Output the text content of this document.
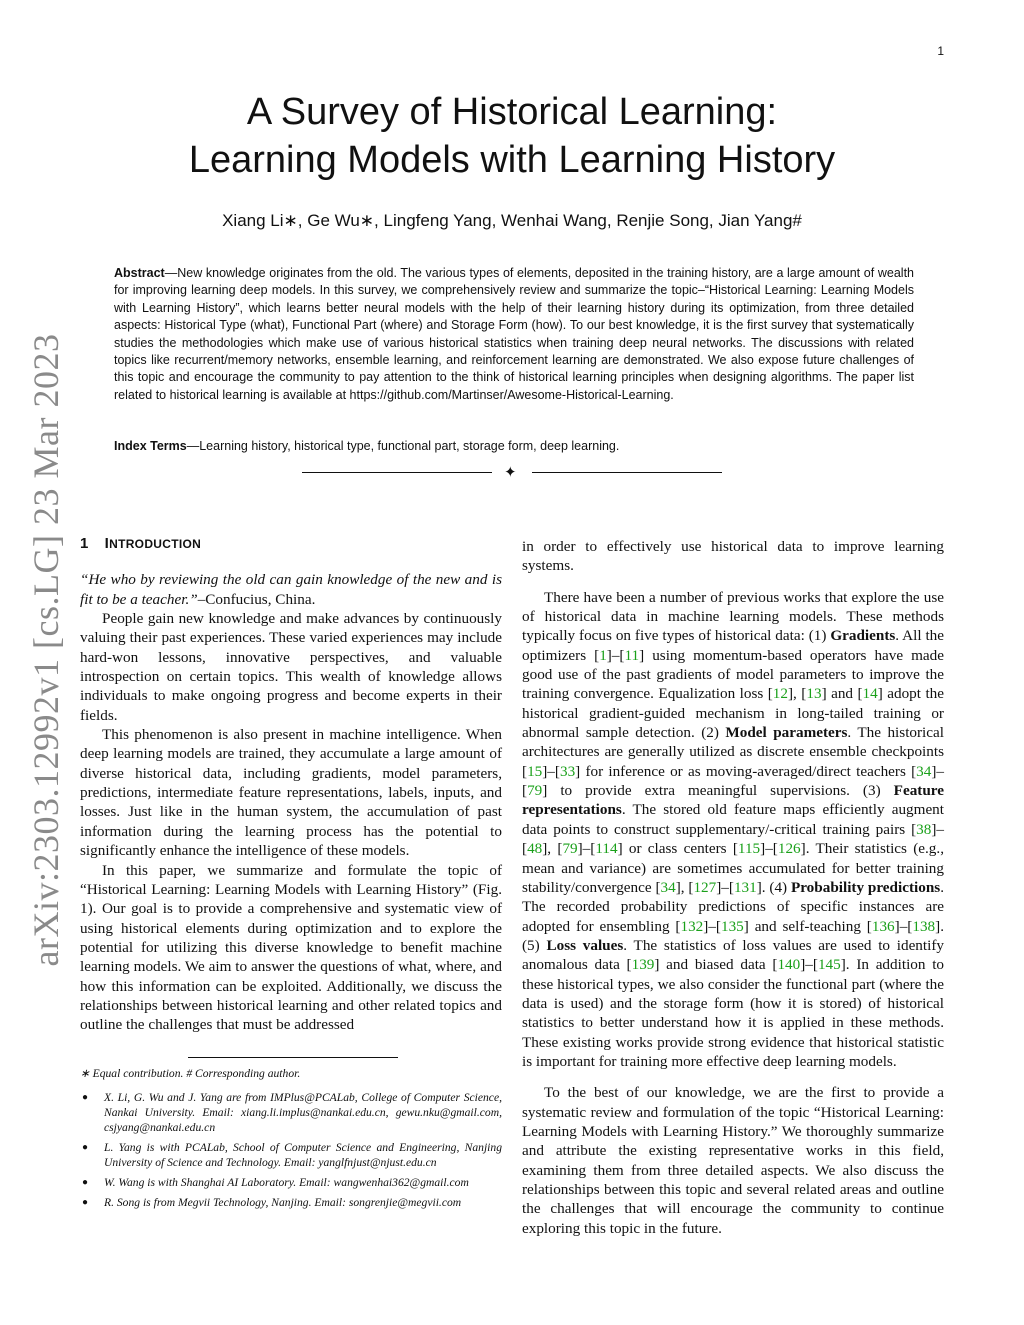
1
arXiv:2303.12992v1 [cs.LG] 23 Mar 2023
A Survey of Historical Learning:
Learning Models with Learning History
Xiang Li∗, Ge Wu∗, Lingfeng Yang, Wenhai Wang, Renjie Song, Jian Yang#
Abstract—New knowledge originates from the old. The various types of elements, deposited in the training history, are a large amount of wealth for improving learning deep models. In this survey, we comprehensively review and summarize the topic–“Historical Learning: Learning Models with Learning History”, which learns better neural models with the help of their learning history during its optimization, from three detailed aspects: Historical Type (what), Functional Part (where) and Storage Form (how). To our best knowledge, it is the first survey that systematically studies the methodologies which make use of various historical statistics when training deep neural networks. The discussions with related topics like recurrent/memory networks, ensemble learning, and reinforcement learning are demonstrated. We also expose future challenges of this topic and encourage the community to pay attention to the think of historical learning principles when designing algorithms. The paper list related to historical learning is available at https://github.com/Martinser/Awesome-Historical-Learning.
Index Terms—Learning history, historical type, functional part, storage form, deep learning.
✦
1 INTRODUCTION

“He who by reviewing the old can gain knowledge of the new and is fit to be a teacher.”–Confucius, China.

People gain new knowledge and make advances by continuously valuing their past experiences. These varied experiences may include hard-won lessons, innovative perspectives, and valuable introspection on certain topics. This wealth of knowledge allows individuals to make ongoing progress and become experts in their fields.

This phenomenon is also present in machine intelligence. When deep learning models are trained, they accumulate a large amount of diverse historical data, including gradients, model parameters, predictions, intermediate feature representations, labels, inputs, and losses. Just like in the human system, the accumulation of past information during the learning process has the potential to significantly enhance the intelligence of these models.

In this paper, we summarize and formulate the topic of “Historical Learning: Learning Models with Learning History” (Fig. 1). Our goal is to provide a comprehensive and systematic view of using historical elements during optimization and to explore the potential for utilizing this diverse knowledge to benefit machine learning models. We aim to answer the questions of what, where, and how this information can be exploited. Additionally, we discuss the relationships between historical learning and other related topics and outline the challenges that must be addressed

∗ Equal contribution. # Corresponding author.
● X. Li, G. Wu and J. Yang are from IMPlus@PCALab, College of Computer Science, Nankai University. Email: xiang.li.implus@nankai.edu.cn, gewu.nku@gmail.com, csjyang@nankai.edu.cn
● L. Yang is with PCALab, School of Computer Science and Engineering, Nanjing University of Science and Technology. Email: yanglfnjust@njust.edu.cn
● W. Wang is with Shanghai AI Laboratory. Email: wangwenhai362@gmail.com
● R. Song is from Megvii Technology, Nanjing. Email: songrenjie@megvii.com

in order to effectively use historical data to improve learning systems.

There have been a number of previous works that explore the use of historical data in machine learning models. These methods typically focus on five types of historical data: (1) Gradients. All the optimizers [1]–[11] using momentum-based operators have made good use of the past gradients of model parameters to improve the training convergence. Equalization loss [12], [13] and [14] adopt the historical gradient-guided mechanism in long-tailed training or abnormal sample detection. (2) Model parameters. The historical architectures are generally utilized as discrete ensemble checkpoints [15]–[33] for inference or as moving-averaged/direct teachers [34]–[79] to provide extra meaningful supervisions. (3) Feature representations. The stored old feature maps efficiently augment data points to construct supplementary/-critical training pairs [38]–[48], [79]–[114] or class centers [115]–[126]. Their statistics (e.g., mean and variance) are sometimes accumulated for better training stability/convergence [34], [127]–[131]. (4) Probability predictions. The recorded probability predictions of specific instances are adopted for ensembling [132]–[135] and self-teaching [136]–[138]. (5) Loss values. The statistics of loss values are used to identify anomalous data [139] and biased data [140]–[145]. In addition to these historical types, we also consider the functional part (where the data is used) and the storage form (how it is stored) of historical statistics to better understand how it is applied in these methods. These existing works provide strong evidence that historical statistic is important for training more effective deep learning models.

To the best of our knowledge, we are the first to provide a systematic review and formulation of the topic “Historical Learning: Learning Models with Learning History.” We thoroughly summarize and attribute the existing representative works in this field, examining them from three detailed aspects. We also discuss the relationships between this topic and several related areas and outline the challenges that will encourage the community to continue exploring this topic in the future.
